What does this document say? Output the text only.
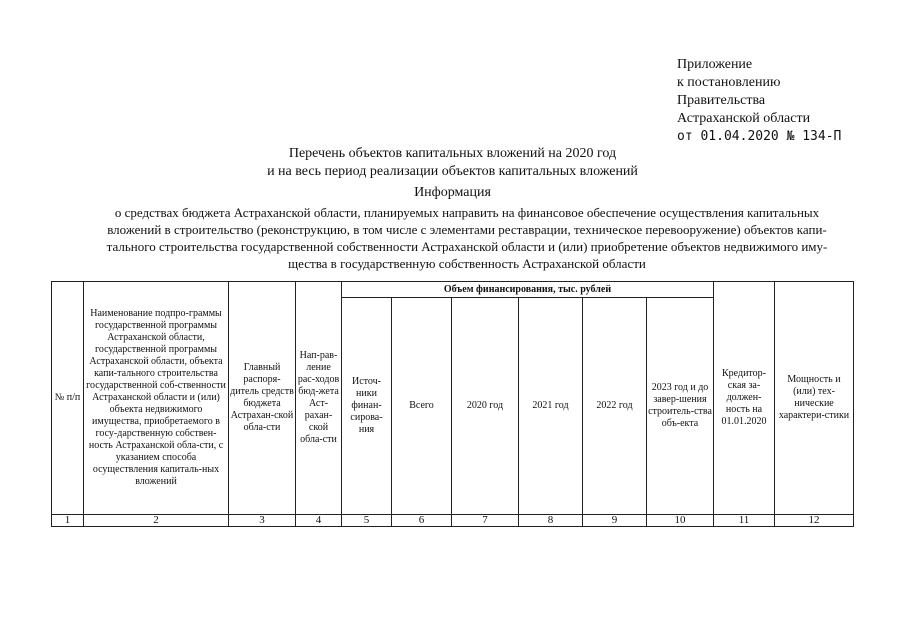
Приложение
к постановлению
Правительства
Астраханской области
от 01.04.2020 № 134-П
Перечень объектов капитальных вложений на 2020 год
и на весь период реализации объектов капитальных вложений
Информация
о средствах бюджета Астраханской области, планируемых направить на финансовое обеспечение осуществления капитальных
вложений в строительство (реконструкцию, в том числе с элементами реставрации, техническое перевооружение) объектов капи-
тального строительства государственной собственности Астраханской области и (или) приобретение объектов недвижимого иму-
щества в государственную собственность Астраханской области
№ п/п	Наименование подпро-граммы государственной программы Астраханской области, государственной программы Астраханской области, объекта капи-тального строительства государственной соб-ственности Астраханской области и (или) объекта недвижимого имущества, приобретаемого в госу-дарственную собствен-ность Астраханской обла-сти, с указанием способа осуществления капиталь-ных вложений	Главный распоря-дитель средств бюджета Астрахан-ской обла-сти	Нап-рав-ление рас-ходов бюд-жета Аст-рахан-ской обла-сти	Объем финансирования, тыс. рублей						Кредитор-ская за-должен-ность на 01.01.2020	Мощность и (или) тех-нические характери-стики
				Источ-ники финан-сирова-ния	Всего	2020 год	2021 год	2022 год	2023 год и до завер-шения строитель-ства объ-екта		
1	2	3	4	5	6	7	8	9	10	11	12
